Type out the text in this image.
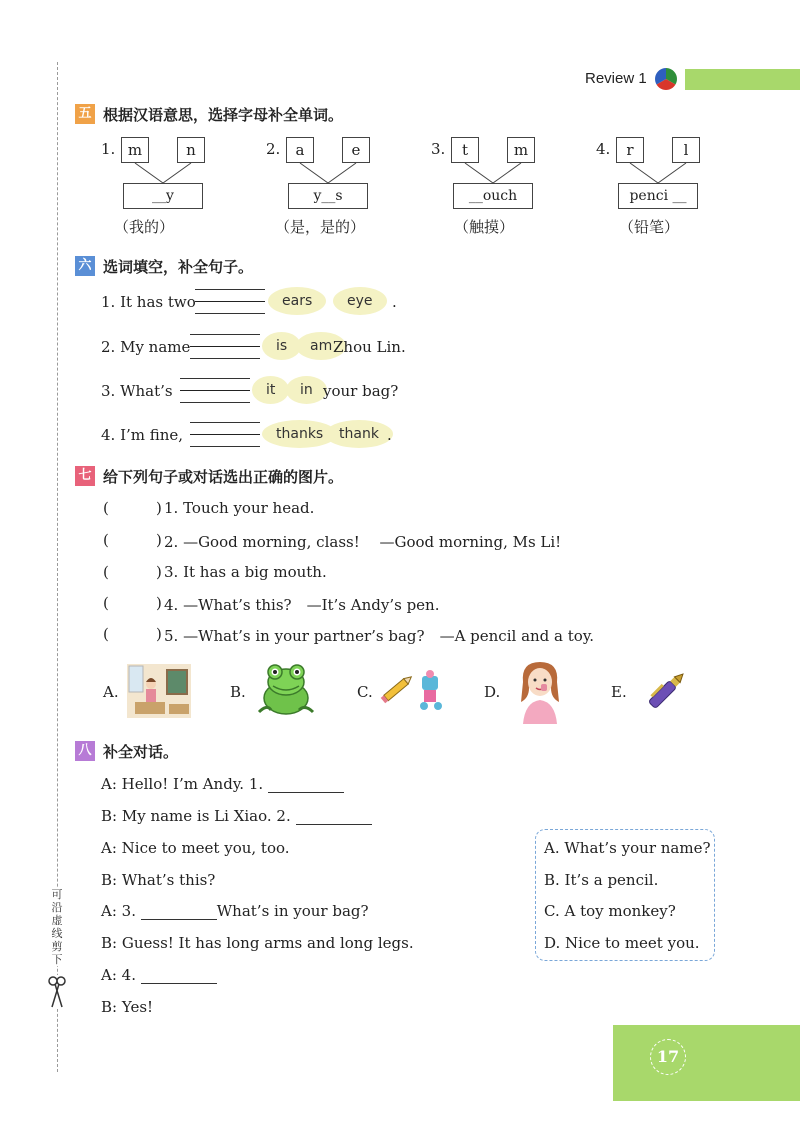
可
沿
虚
线
剪
下
Review 1
五 根据汉语意思，选择字母补全单词。
1. m	n
__y
（我的）
2.	a	e
y__s
（是，是的）
3.	t	m
__ouch
（触摸）
4.	r	l
penci __
（铅笔）
六 选词填空，补全句子。
1. It has two	ears	eye	.
2. My name	is	am Zhou Lin.
3. What’s	it	in your bag?
4. I’m fine,	thanks	thank .
七 给下列句子或对话选出正确的图片。
(	) 1. Touch your head.
(	) 2. —Good morning, class!　 —Good morning, Ms Li!
(	) 3. It has a big mouth.
(	) 4. —What’s this?　—It’s Andy’s pen.
(	) 5. —What’s in your partner’s bag?　—A pencil and a toy.
A.	B.	C.	D.	E.
八 补全对话。
A: Hello! I’m Andy. 1.
B: My name is Li Xiao. 2.
A: Nice to meet you, too.
B: What’s this?
A: 3.	What’s in your bag?
B: Guess! It has long arms and long legs.
A: 4.
B: Yes!
A. What’s your name?
B. It’s a pencil.
C. A toy monkey?
D. Nice to meet you.
17
